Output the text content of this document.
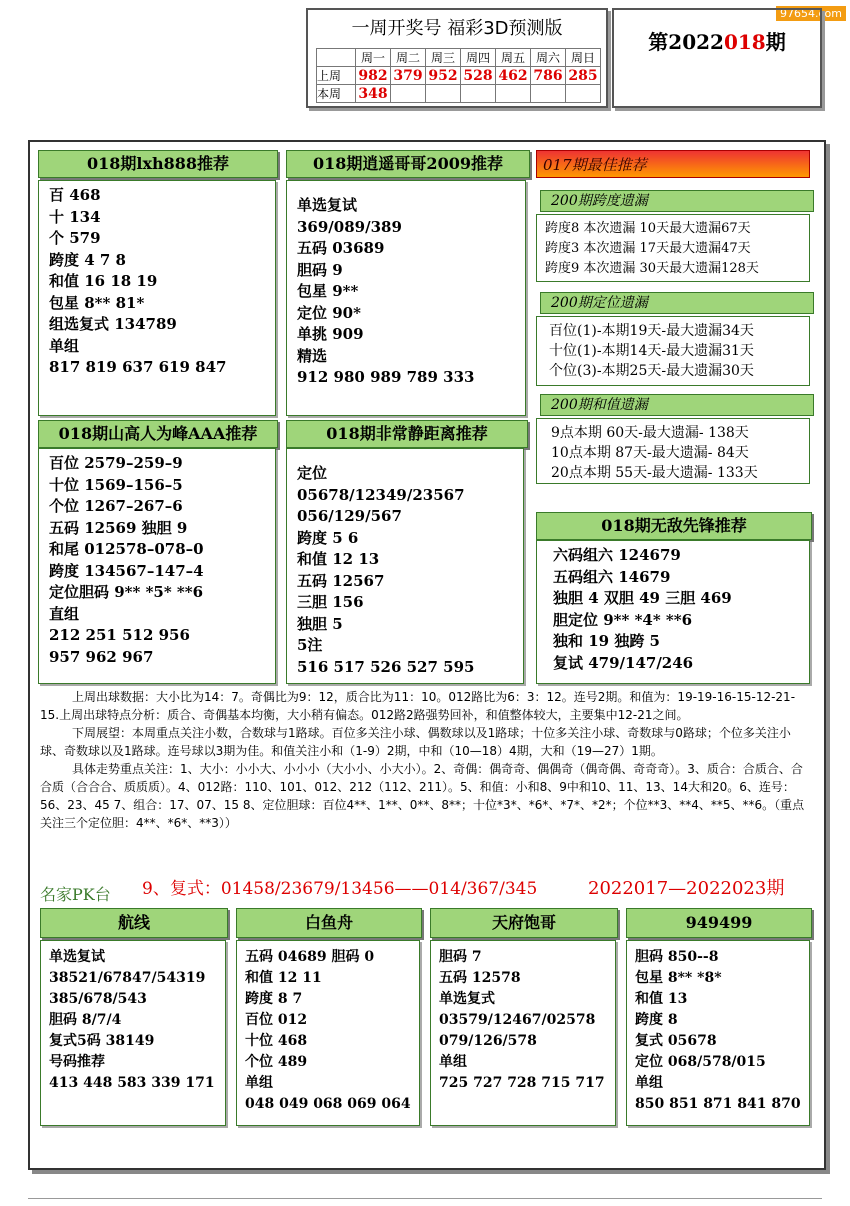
97654.com
一周开奖号 福彩3D预测版
	周一	周二	周三	周四	周五	周六	周日
上周	982	379	952	528	462	786	285
本周	348						
第2022018期
018期lxh888推荐
百 468
十 134
个 579
跨度 4 7 8
和值 16 18 19
包星 8** 81*
组选复式 134789
单组
817 819 637 619 847
018期逍遥哥哥2009推荐
单选复试
369/089/389
五码 03689
胆码 9
包星 9**
定位 90*
单挑 909
精选
912 980 989 789 333
017期最佳推荐
200期跨度遗漏
跨度8 本次遗漏 10天最大遗漏67天
跨度3 本次遗漏 17天最大遗漏47天
跨度9 本次遗漏 30天最大遗漏128天
200期定位遗漏
百位(1)-本期19天-最大遗漏34天
十位(1)-本期14天-最大遗漏31天
个位(3)-本期25天-最大遗漏30天
200期和值遗漏
9点本期 60天-最大遗漏- 138天
10点本期 87天-最大遗漏- 84天
20点本期 55天-最大遗漏- 133天
018期山高人为峰AAA推荐
百位 2579–259–9
十位 1569–156–5
个位 1267–267–6
五码 12569 独胆 9
和尾 012578–078–0
跨度 134567–147–4
定位胆码 9** *5* **6
直组
212 251 512 956
957 962 967
018期非常静距离推荐
定位
05678/12349/23567
056/129/567
跨度 5 6
和值 12 13
五码 12567
三胆 156
独胆 5
5注
516 517 526 527 595
018期无敌先锋推荐
六码组六 124679
五码组六 14679
独胆 4 双胆 49 三胆 469
胆定位 9** *4* **6
独和 19 独跨 5
复试 479/147/246

上周出球数据：大小比为14：7。奇偶比为9：12，质合比为11：10。012路比为6：3：12。连号2期。和值为：19-19-16-15-12-21-15.上周出球特点分析：质合、奇偶基本均衡，大小稍有偏态。012路2路强势回补，和值整体较大，主要集中12-21之间。

下周展望：本周重点关注小数，合数球与1路球。百位多关注小球、偶数球以及1路球；十位多关注小球、奇数球与0路球；个位多关注小球、奇数球以及1路球。连号球以3期为佳。和值关注小和（1-9）2期，中和（10—18）4期，大和（19—27）1期。

具体走势重点关注：1、大小：小小大、小小小（大小小、小大小）。2、奇偶：偶奇奇、偶偶奇（偶奇偶、奇奇奇）。3、质合：合质合、合合质（合合合、质质质）。4、012路：110、101、012、212（112、211）。5、和值：小和8、9中和10、11、13、14大和20。6、连号：56、23、45 7、组合：17、07、15 8、定位胆球：百位4**、1**、0**、8**；十位*3*、*6*、*7*、*2*；个位**3、**4、**5、**6。（重点关注三个定位胆：4**、*6*、**3））

名家PK台 9、复式：01458/23679/13456——014/367/345	2022017—2022023期
航线
单选复试
38521/67847/54319
385/678/543
胆码 8/7/4
复式5码 38149
号码推荐
413 448 583 339 171
白鱼舟
五码 04689 胆码 0
和值 12 11
跨度 8 7
百位 012
十位 468
个位 489
单组
048 049 068 069 064
天府饱哥
胆码 7
五码 12578
单选复式
03579/12467/02578
079/126/578
单组
725 727 728 715 717
949499
胆码 850--8
包星 8** *8*
和值 13
跨度 8
复式 05678
定位 068/578/015
单组
850 851 871 841 870
